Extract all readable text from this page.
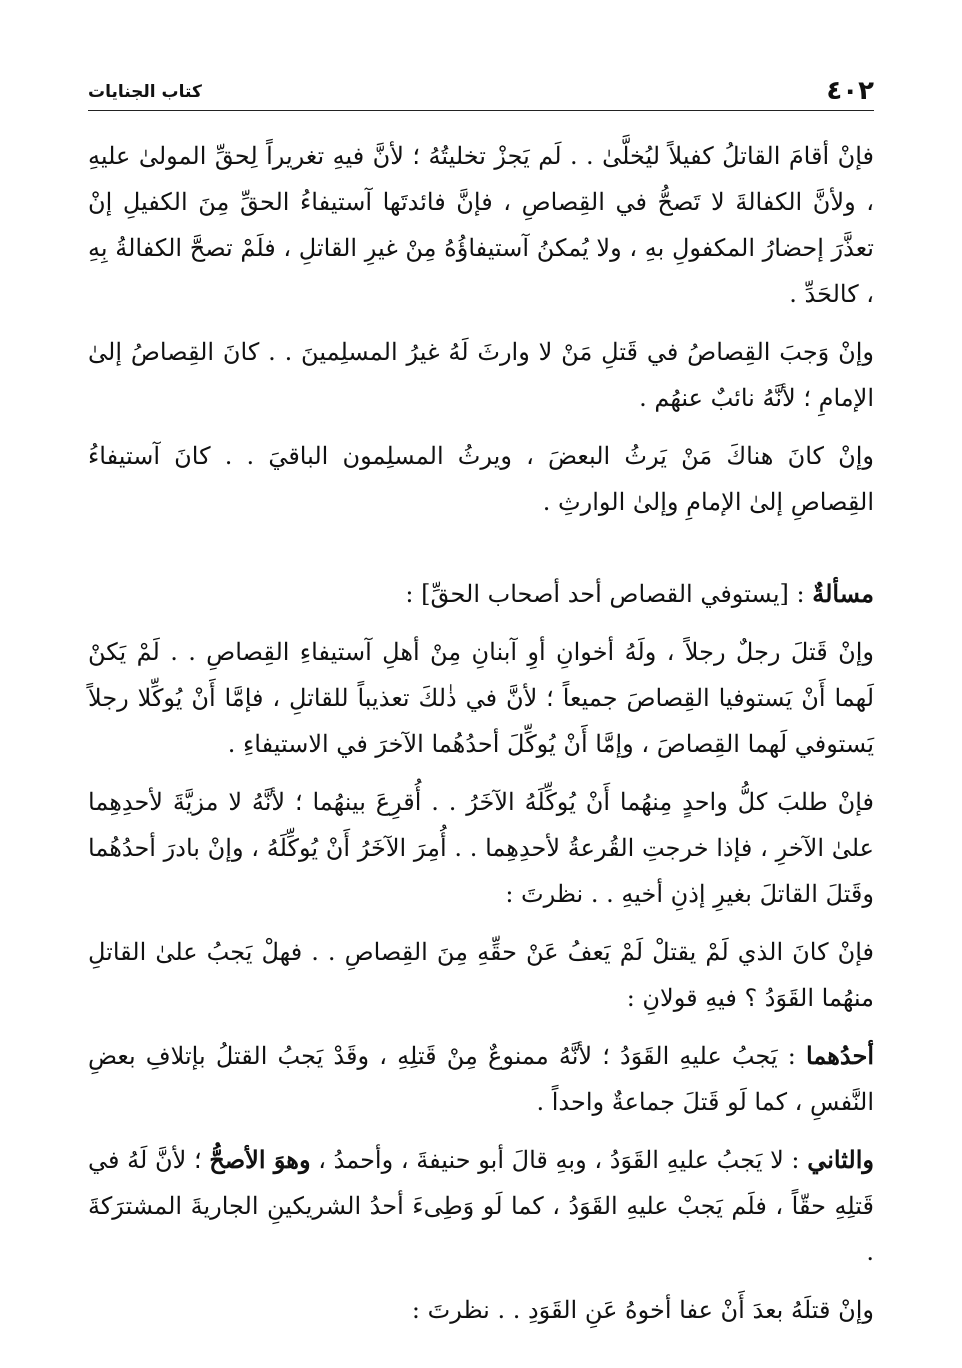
٤٠٢
كتاب الجنايات

فإنْ أقامَ القاتلُ كفيلاً ليُخلَّىٰ . . لَم يَجزْ تخليتُهُ ؛ لأنَّ فيهِ تغريراً لِحقِّ المولىٰ عليهِ ، ولأنَّ الكفالةَ لا تَصحُّ في القِصاصِ ، فإنَّ فائدتَها آستيفاءُ الحقِّ مِنَ الكفيلِ إنْ تعذَّرَ إحضارُ المكفولِ بهِ ، ولا يُمكنُ آستيفاؤُهُ مِنْ غيرِ القاتلِ ، فلَمْ تصحَّ الكفالةُ بِهِ ، كالحَدِّ .

وإنْ وَجبَ القِصاصُ في قَتلِ مَنْ لا وارثَ لَهُ غيرُ المسلِمينَ . . كانَ القِصاصُ إلىٰ الإمامِ ؛ لأنَّهُ نائبٌ عنهُم .

وإنْ كانَ هناكَ مَنْ يَرثُ البعضَ ، ويرثُ المسلِمون الباقيَ . . كانَ آستيفاءُ القِصاصِ إلىٰ الإمامِ وإلىٰ الوارثِ .

مسألةٌ : [يستوفي القصاص أحد أصحاب الحقِّ] :

وإنْ قَتلَ رجلٌ رجلاً ، ولَهُ أخوانِ أوِ آبنانِ مِنْ أهلِ آستيفاءِ القِصاصِ . . لَمْ يَكنْ لَهما أَنْ يَستوفيا القِصاصَ جميعاً ؛ لأنَّ في ذٰلكَ تعذيباً للقاتلِ ، فإمَّا أَنْ يُوكِّلا رجلاً يَستوفي لَهما القِصاصَ ، وإمَّا أَنْ يُوكِّلَ أحدُهُما الآخرَ في الاستيفاءِ .

فإنْ طلبَ كلُّ واحدٍ مِنهُما أَنْ يُوكِّلَهُ الآخَرُ . . أُقرِعَ بينهُما ؛ لأنَّهُ لا مزيَّةَ لأحدِهِما علىٰ الآخرِ ، فإذا خرجتِ القُرعةُ لأحدِهِما . . أُمِرَ الآخَرُ أَنْ يُوكِّلَهُ ، وإنْ بادرَ أحدُهُما وقَتلَ القاتلَ بغيرِ إذنِ أخيهِ . . نظرتَ :

فإنْ كانَ الذي لَمْ يقتلْ لَمْ يَعفُ عَنْ حقِّهِ مِنَ القِصاصِ . . فهلْ يَجبُ علىٰ القاتلِ منهُما القَوَدُ ؟ فيهِ قولانِ :

أحدُهما : يَجبُ عليهِ القَوَدُ ؛ لأنَّهُ ممنوعٌ مِنْ قَتلِهِ ، وقَدْ يَجبُ القتلُ بإتلافِ بعضِ النَّفسِ ، كما لَو قَتلَ جماعةٌ واحداً .

والثاني : لا يَجبُ عليهِ القَوَدُ ، وبهِ قالَ أبو حنيفةَ ، وأحمدُ ، وهوَ الأصحُّ ؛ لأنَّ لَهُ في قَتلِهِ حقّاً ، فلَم يَجبْ عليهِ القَوَدُ ، كما لَو وَطِىءَ أحدُ الشريكينِ الجاريةَ المشترَكةَ .

وإنْ قتلَهُ بعدَ أَنْ عفا أخوهُ عَنِ القَوَدِ . . نظرتَ :
